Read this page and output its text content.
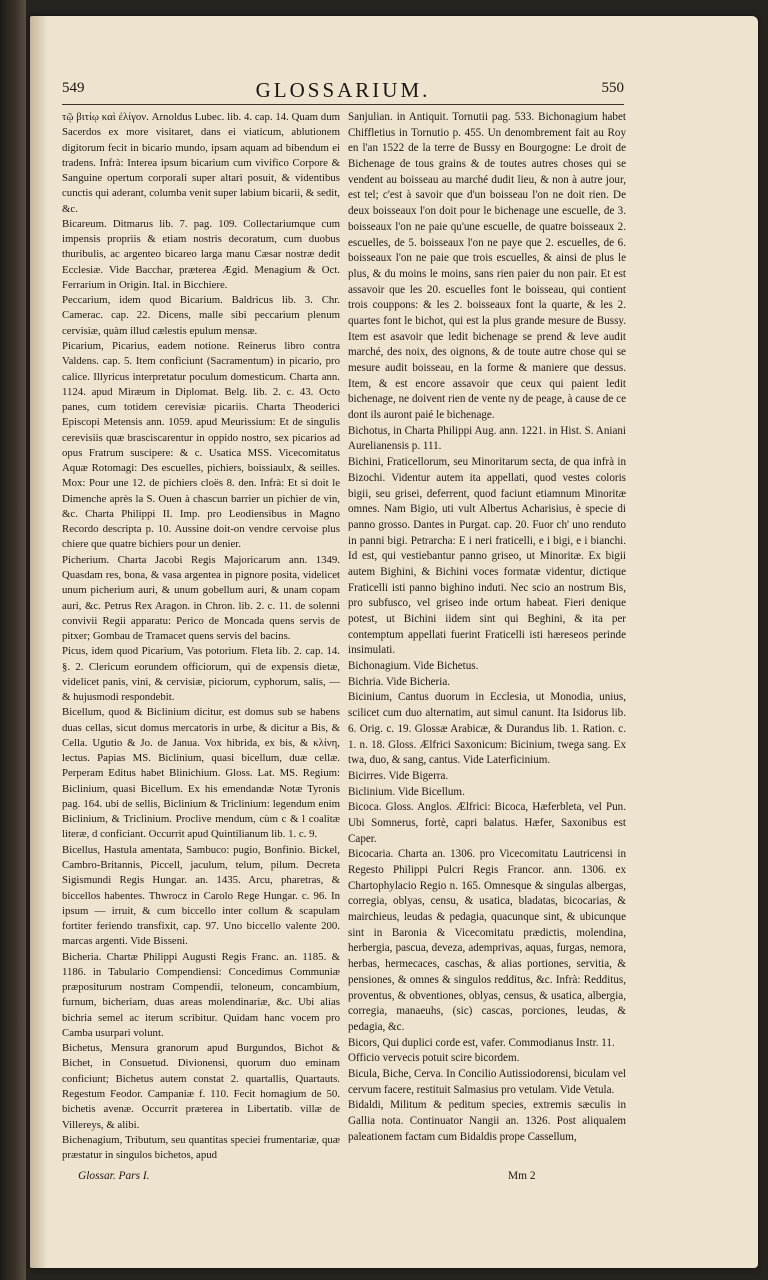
549	GLOSSARIUM.	550

τῷ βιτίῳ καὶ ἐλίγον. Arnoldus Lubec. lib. 4. cap. 14. Quam dum Sacerdos ex more visitaret, dans ei viaticum, ablutionem digitorum fecit in bicario mundo, ipsam aquam ad bibendum ei tradens. Infrà: Interea ipsum bicarium cum vivifico Corpore & Sanguine opertum corporali super altari posuit, & videntibus cunctis qui aderant, columba venit super labium bicarii, & sedit, &c.

Bicareum. Ditmarus lib. 7. pag. 109. Collectariumque cum impensis propriis & etiam nostris decoratum, cum duobus thuribulis, ac argenteo bicareo larga manu Cæsar nostræ dedit Ecclesiæ. Vide Bacchar, præterea Ægid. Menagium & Oct. Ferrarium in Origin. Ital. in Bicchiere.

Peccarium, idem quod Bicarium. Baldricus lib. 3. Chr. Camerac. cap. 22. Dicens, malle sibi peccarium plenum cervisiæ, quàm illud cælestis epulum mensæ.

Picarium, Picarius, eadem notione. Reinerus libro contra Valdens. cap. 5. Item conficiunt (Sacramentum) in picario, pro calice. Illyricus interpretatur poculum domesticum. Charta ann. 1124. apud Miræum in Diplomat. Belg. lib. 2. c. 43. Octo panes, cum totidem cerevisiæ picariis. Charta Theoderici Episcopi Metensis ann. 1059. apud Meurissium: Et de singulis cerevisiis quæ brasciscarentur in oppido nostro, sex picarios ad opus Fratrum suscipere: & c. Usatica MSS. Vicecomitatus Aquæ Rotomagi: Des escuelles, pichiers, boissiaulx, & seilles. Mox: Pour une 12. de pichiers cloës 8. den. Infrà: Et si doit le Dimenche après la S. Ouen à chascun barrier un pichier de vin, &c. Charta Philippi II. Imp. pro Leodiensibus in Magno Recordo descripta p. 10. Aussine doit-on vendre cervoise plus chiere que quatre bichiers pour un denier.

Picherium. Charta Jacobi Regis Majoricarum ann. 1349. Quasdam res, bona, & vasa argentea in pignore posita, videlicet unum picherium auri, & unum gobellum auri, & unam copam auri, &c. Petrus Rex Aragon. in Chron. lib. 2. c. 11. de solenni convivii Regii apparatu: Perico de Moncada quens servis de pitxer; Gombau de Tramacet quens servis del bacins.

Picus, idem quod Picarium, Vas potorium. Fleta lib. 2. cap. 14. §. 2. Clericum eorundem officiorum, qui de expensis dietæ, videlicet panis, vini, & cervisiæ, piciorum, cyphorum, salis, — & hujusmodi respondebit.

Bicellum, quod & Biclinium dicitur, est domus sub se habens duas cellas, sicut domus mercatoris in urbe, & dicitur a Bis, & Cella. Ugutio & Jo. de Janua. Vox hibrida, ex bis, & κλίνη, lectus. Papias MS. Biclinium, quasi bicellum, duæ cellæ. Perperam Editus habet Blinichium. Gloss. Lat. MS. Regium: Biclinium, quasi Bicellum. Ex his emendandæ Notæ Tyronis pag. 164. ubi de sellis, Biclinium & Triclinium: legendum enim Biclinium, & Triclinium. Proclive mendum, cùm c & l coalitæ literæ, d conficiant. Occurrit apud Quintilianum lib. 1. c. 9.

Bicellus, Hastula amentata, Sambuco: pugio, Bonfinio. Bickel, Cambro-Britannis, Piccell, jaculum, telum, pilum. Decreta Sigismundi Regis Hungar. an. 1435. Arcu, pharetras, & biccellos habentes. Thwrocz in Carolo Rege Hungar. c. 96. In ipsum — irruit, & cum biccello inter collum & scapulam fortiter feriendo transfixit, cap. 97. Uno biccello valente 200. marcas argenti. Vide Bisseni.

Bicheria. Chartæ Philippi Augusti Regis Franc. an. 1185. & 1186. in Tabulario Compendiensi: Concedimus Communiæ præpositurum nostram Compendii, teloneum, concambium, furnum, bicheriam, duas areas molendinariæ, &c. Ubi alias bichria semel ac iterum scribitur. Quidam hanc vocem pro Camba usurpari volunt.

Bichetus, Mensura granorum apud Burgundos, Bichot & Bichet, in Consuetud. Divionensi, quorum duo eminam conficiunt; Bichetus autem constat 2. quartallis, Quartauts. Regestum Feodor. Campaniæ f. 110. Fecit homagium de 50. bichetis avenæ. Occurrit præterea in Libertatib. villæ de Villereys, & alibi.

Bichenagium, Tributum, seu quantitas speciei frumentariæ, quæ præstatur in singulos bichetos, apud

Sanjulian. in Antiquit. Tornutii pag. 533. Bichonagium habet Chiffletius in Tornutio p. 455. Un denombrement fait au Roy en l'an 1522 de la terre de Bussy en Bourgogne: Le droit de Bichenage de tous grains & de toutes autres choses qui se vendent au boisseau au marché dudit lieu, & non à autre jour, est tel; c'est à savoir que d'un boisseau l'on ne doit rien. De deux boisseaux l'on doit pour le bichenage une escuelle, de 3. boisseaux l'on ne paie qu'une escuelle, de quatre boisseaux 2. escuelles, de 5. boisseaux l'on ne paye que 2. escuelles, de 6. boisseaux l'on ne paie que trois escuelles, & ainsi de plus le plus, & du moins le moins, sans rien paier du non pair. Et est assavoir que les 20. escuelles font le boisseau, qui contient trois couppons: & les 2. boisseaux font la quarte, & les 2. quartes font le bichot, qui est la plus grande mesure de Bussy. Item est asavoir que ledit bichenage se prend & leve audit marché, des noix, des oignons, & de toute autre chose qui se mesure audit boisseau, en la forme & maniere que dessus. Item, & est encore assavoir que ceux qui paient ledit bichenage, ne doivent rien de vente ny de peage, à cause de ce dont ils auront paié le bichenage.

Bichotus, in Charta Philippi Aug. ann. 1221. in Hist. S. Aniani Aurelianensis p. 111.

Bichini, Fraticellorum, seu Minoritarum secta, de qua infrà in Bizochi. Videntur autem ita appellati, quod vestes coloris bigii, seu grisei, deferrent, quod faciunt etiamnum Minoritæ omnes. Nam Bigio, uti vult Albertus Acharisius, è specie di panno grosso. Dantes in Purgat. cap. 20. Fuor ch' uno renduto in panni bigi. Petrarcha: E i neri fraticelli, e i bigi, e i bianchi. Id est, qui vestiebantur panno griseo, ut Minoritæ. Ex bigii autem Bighini, & Bichini voces formatæ videntur, dictique Fraticelli isti panno bighino induti. Nec scio an nostrum Bis, pro subfusco, vel griseo inde ortum habeat. Fieri denique potest, ut Bichini iidem sint qui Beghini, & ita per contemptum appellati fuerint Fraticelli isti hæreseos perinde insimulati.

Bichonagium. Vide Bichetus.

Bichria. Vide Bicheria.

Bicinium, Cantus duorum in Ecclesia, ut Monodia, unius, scilicet cum duo alternatim, aut simul canunt. Ita Isidorus lib. 6. Orig. c. 19. Glossæ Arabicæ, & Durandus lib. 1. Ration. c. 1. n. 18. Gloss. Ælfrici Saxonicum: Bicinium, twega sang. Ex twa, duo, & sang, cantus. Vide Laterficinium.

Bicirres. Vide Bigerra.

Biclinium. Vide Bicellum.

Bicoca. Gloss. Anglos. Ælfrici: Bicoca, Hæferbleta, vel Pun. Ubi Somnerus, fortè, capri balatus. Hæfer, Saxonibus est Caper.

Bicocaria. Charta an. 1306. pro Vicecomitatu Lautricensi in Regesto Philippi Pulcri Regis Francor. ann. 1306. ex Chartophylacio Regio n. 165. Omnesque & singulas albergas, corregia, oblyas, censu, & usatica, bladatas, bicocarias, & mairchieus, leudas & pedagia, quacunque sint, & ubicunque sint in Baronia & Vicecomitatu prædictis, molendina, herbergia, pascua, deveza, ademprivas, aquas, furgas, nemora, herbas, hermecaces, caschas, & alias portiones, servitia, & pensiones, & omnes & singulos redditus, &c. Infrà: Redditus, proventus, & obventiones, oblyas, census, & usatica, albergia, corregia, manaeuhs, (sic) cascas, porciones, leudas, & pedagia, &c.

Bicors, Qui duplici corde est, vafer. Commodianus Instr. 11.

Officio vervecis potuit scire bicordem.

Bicula, Biche, Cerva. In Concilio Autissiodorensi, biculam vel cervum facere, restituit Salmasius pro vetulam. Vide Vetula.

Bidaldi, Militum & peditum species, extremis sæculis in Gallia nota. Continuator Nangii an. 1326. Post aliqualem paleationem factam cum Bidaldis prope Cassellum,

Glossar. Pars I.	Mm 2
